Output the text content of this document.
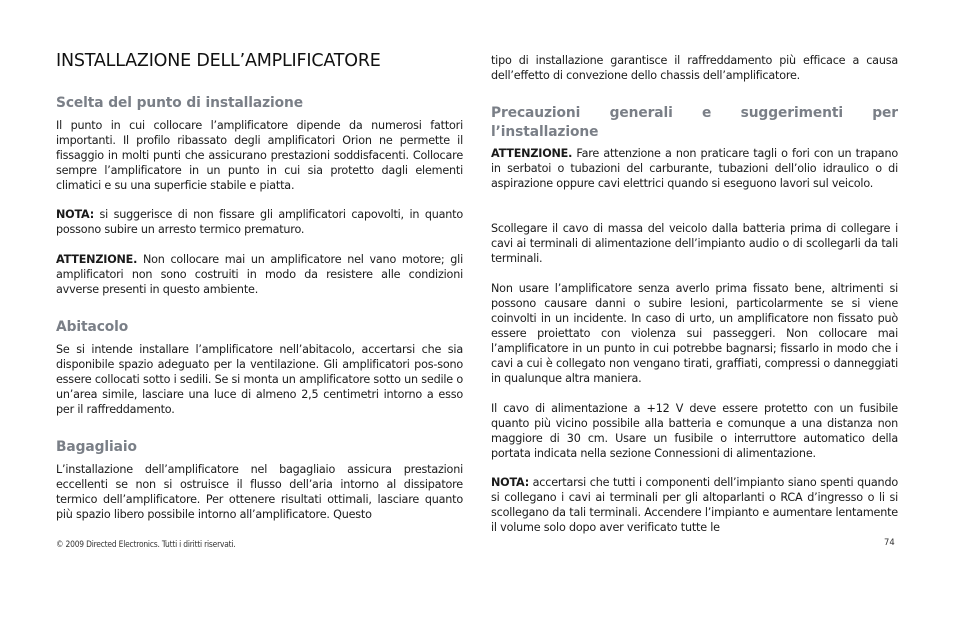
INSTALLAZIONE DELL’AMPLIFICATORE
Scelta del punto di installazione

Il punto in cui collocare l’amplificatore dipende da numerosi fattori importanti. Il profilo ribassato degli amplificatori Orion ne permette il fissaggio in molti punti che assicurano prestazioni soddisfacenti. Collocare sempre l’amplificatore in un punto in cui sia protetto dagli elementi climatici e su una superficie stabile e piatta.

NOTA: si suggerisce di non fissare gli amplificatori capovolti, in quanto possono subire un arresto termico prematuro.

ATTENZIONE. Non collocare mai un amplificatore nel vano motore; gli amplificatori non sono costruiti in modo da resistere alle condizioni avverse presenti in questo ambiente.

Abitacolo

Se si intende installare l’amplificatore nell’abitacolo, accertarsi che sia disponibile spazio adeguato per la ventilazione. Gli amplificatori pos-sono essere collocati sotto i sedili. Se si monta un amplificatore sotto un sedile o un’area simile, lasciare una luce di almeno 2,5 centimetri intorno a esso per il raffreddamento.

Bagagliaio

L’installazione dell’amplificatore nel bagagliaio assicura prestazioni eccellenti se non si ostruisce il flusso dell’aria intorno al dissipatore termico dell’amplificatore. Per ottenere risultati ottimali, lasciare quanto più spazio libero possibile intorno all’amplificatore. Questo

tipo di installazione garantisce il raffreddamento più efficace a causa dell’effetto di convezione dello chassis dell’amplificatore.

Precauzioni generali e suggerimenti per l’installazione

ATTENZIONE. Fare attenzione a non praticare tagli o fori con un trapano in serbatoi o tubazioni del carburante, tubazioni dell’olio idraulico o di aspirazione oppure cavi elettrici quando si eseguono lavori sul veicolo.

Scollegare il cavo di massa del veicolo dalla batteria prima di collegare i cavi ai terminali di alimentazione dell’impianto audio o di scollegarli da tali terminali.

Non usare l’amplificatore senza averlo prima fissato bene, altrimenti si possono causare danni o subire lesioni, particolarmente se si viene coinvolti in un incidente. In caso di urto, un amplificatore non fissato può essere proiettato con violenza sui passeggeri. Non collocare mai l’amplificatore in un punto in cui potrebbe bagnarsi; fissarlo in modo che i cavi a cui è collegato non vengano tirati, graffiati, compressi o danneggiati in qualunque altra maniera.

Il cavo di alimentazione a +12 V deve essere protetto con un fusibile quanto più vicino possibile alla batteria e comunque a una distanza non maggiore di 30 cm. Usare un fusibile o interruttore automatico della portata indicata nella sezione Connessioni di alimentazione.

NOTA: accertarsi che tutti i componenti dell’impianto siano spenti quando si collegano i cavi ai terminali per gli altoparlanti o RCA d’ingresso o li si scollegano da tali terminali. Accendere l’impianto e aumentare lentamente il volume solo dopo aver verificato tutte le

© 2009 Directed Electronics. Tutti i diritti riservati.	74
